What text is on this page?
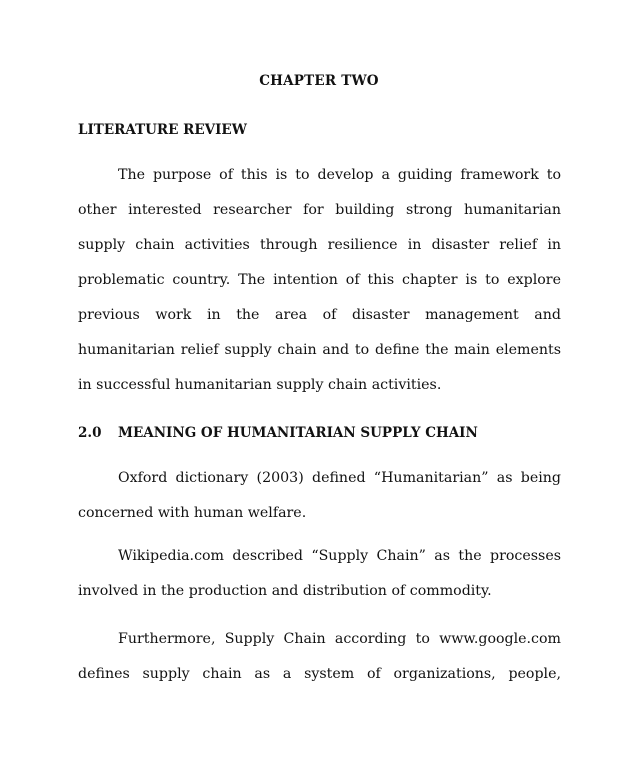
CHAPTER TWO
LITERATURE REVIEW

The purpose of this is to develop a guiding framework to
other interested researcher for building strong humanitarian
supply chain activities through resilience in disaster relief in
problematic country. The intention of this chapter is to explore
previous work in the area of disaster management and
humanitarian relief supply chain and to define the main elements
in successful humanitarian supply chain activities.

2.0 MEANING OF HUMANITARIAN SUPPLY CHAIN

Oxford dictionary (2003) defined “Humanitarian” as being
concerned with human welfare.

Wikipedia.com described “Supply Chain” as the processes
involved in the production and distribution of commodity.

Furthermore, Supply Chain according to www.google.com
defines supply chain as a system of organizations, people,
